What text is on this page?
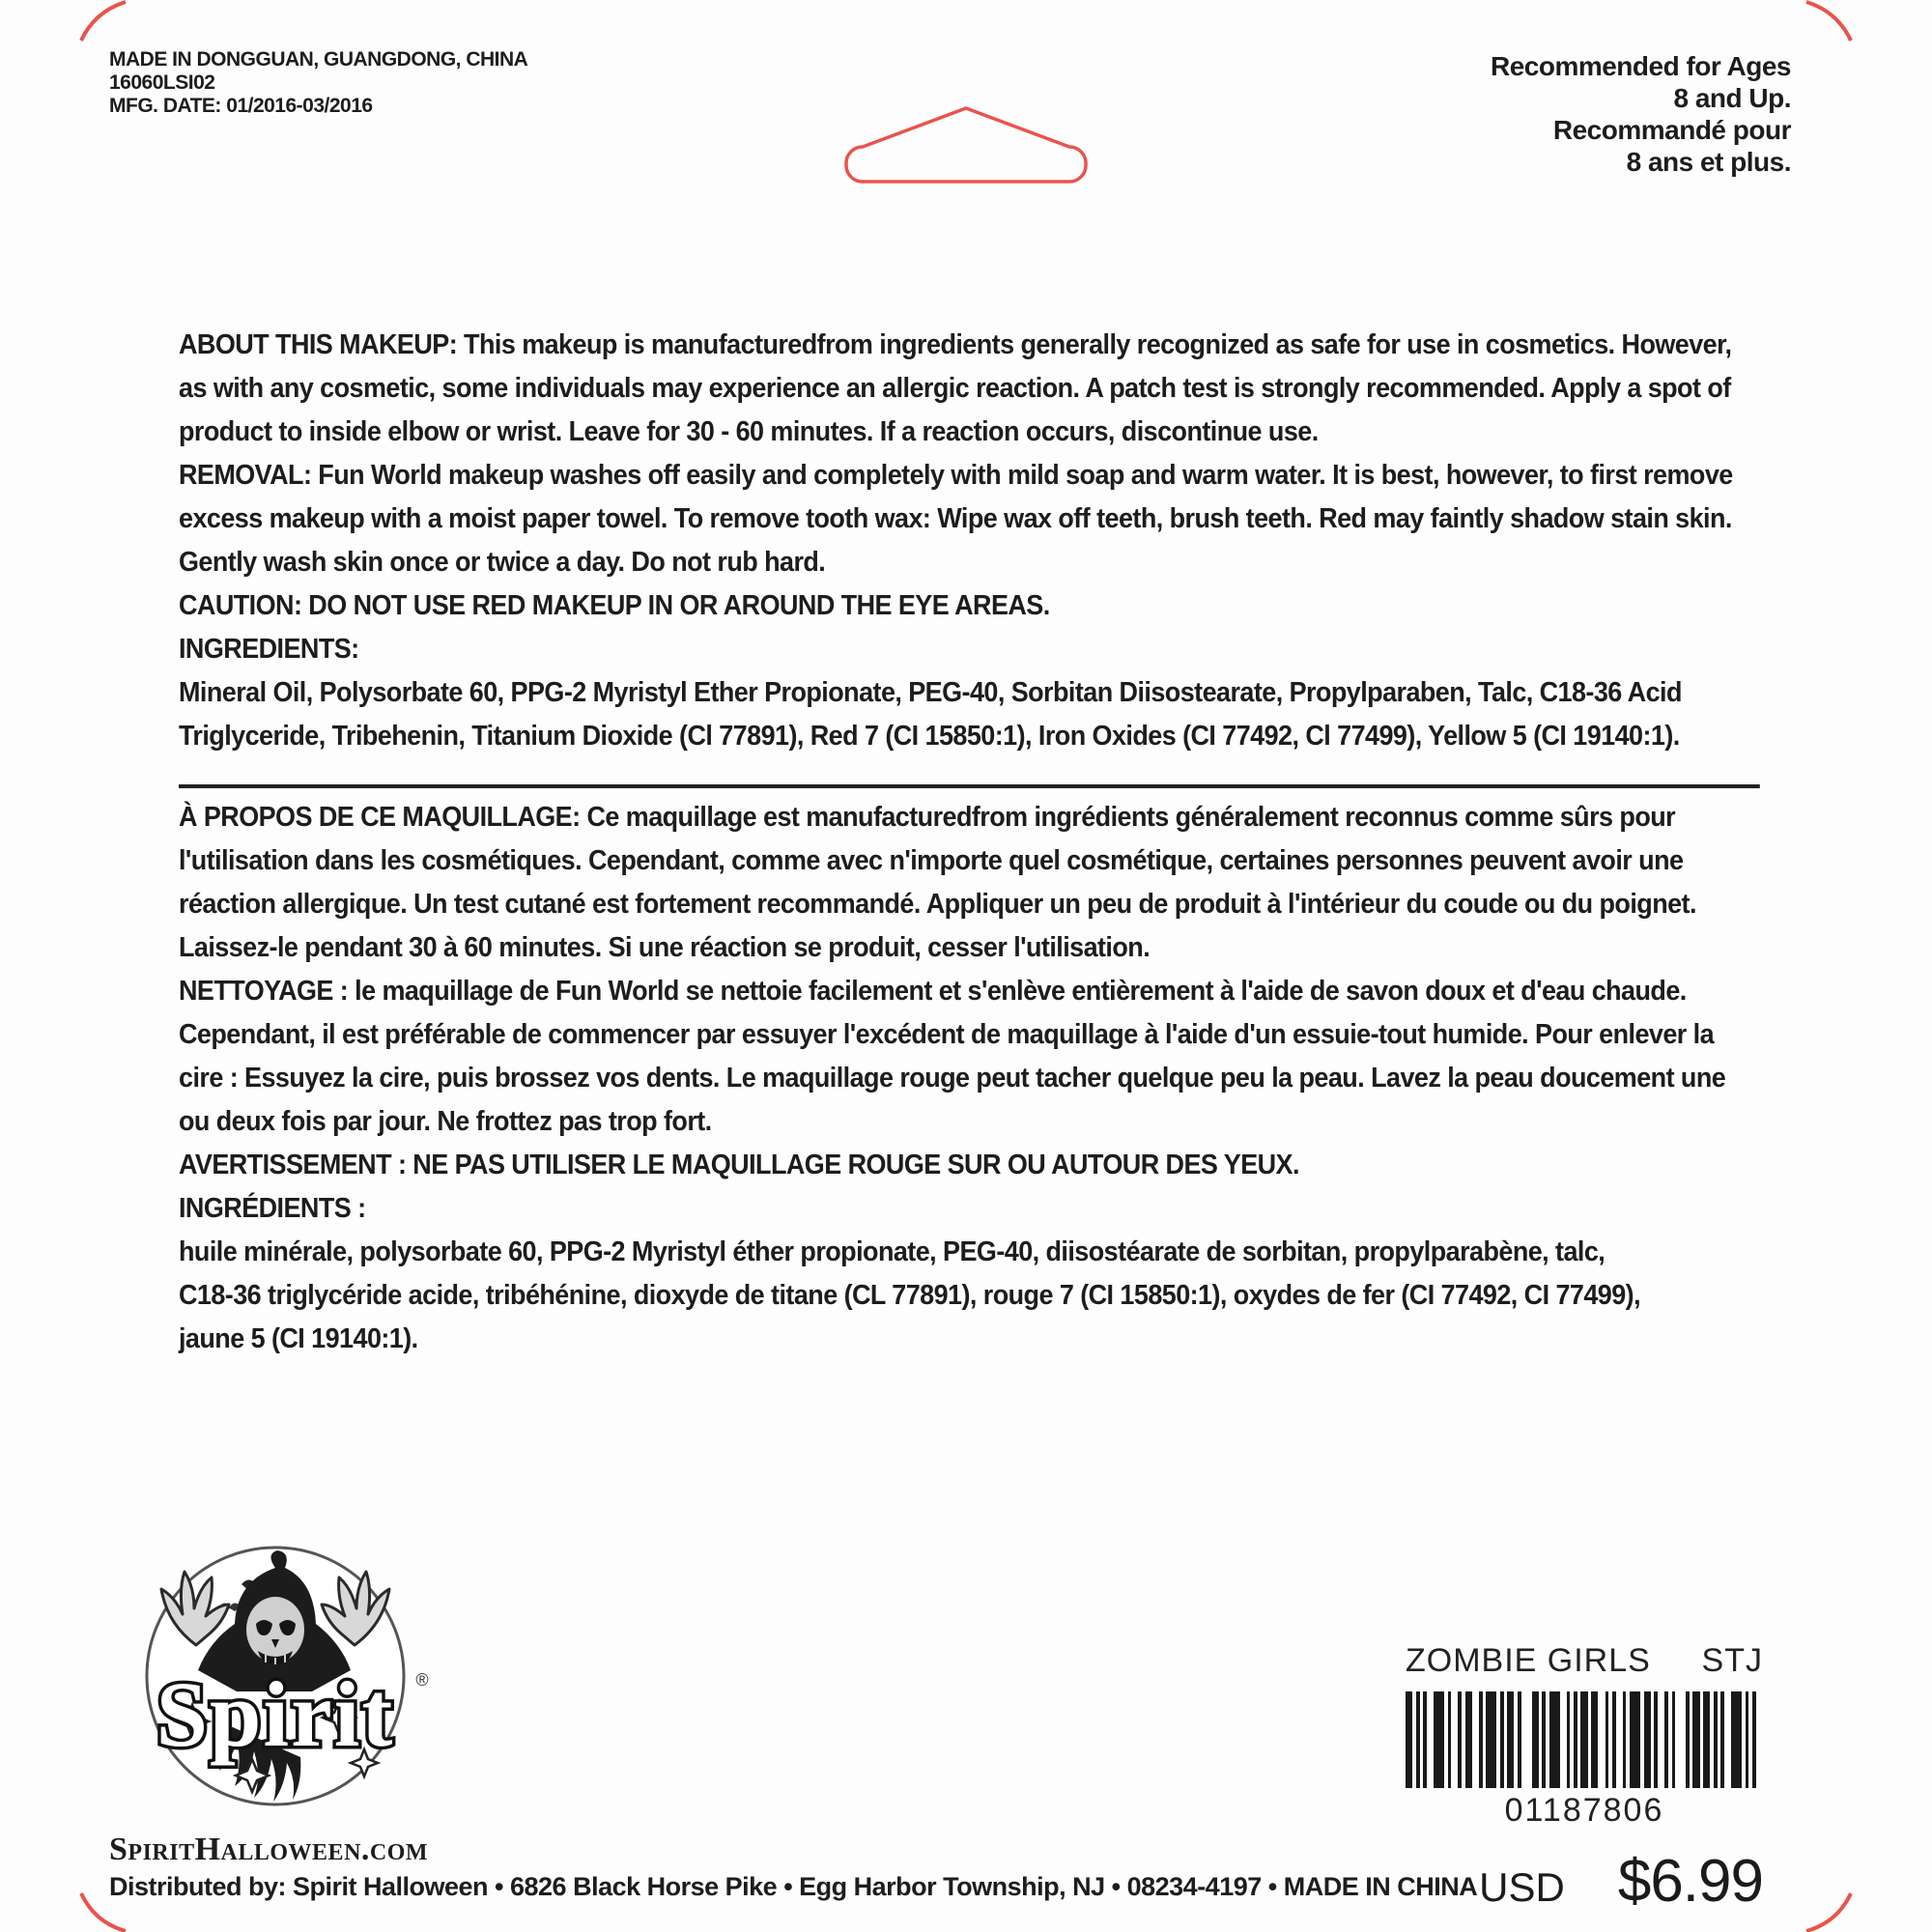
MADE IN DONGGUAN, GUANGDONG, CHINA
16060LSI02
MFG. DATE: 01/2016-03/2016
Recommended for Ages
8 and Up.
Recommandé pour
8 ans et plus.

ABOUT THIS MAKEUP: This makeup is manufacturedfrom ingredients generally recognized as safe for use in cosmetics. However, as with any cosmetic, some individuals may experience an allergic reaction. A patch test is strongly recommended. Apply a spot of product to inside elbow or wrist. Leave for 30 - 60 minutes. If a reaction occurs, discontinue use.

REMOVAL: Fun World makeup washes off easily and completely with mild soap and warm water. It is best, however, to first remove excess makeup with a moist paper towel. To remove tooth wax: Wipe wax off teeth, brush teeth. Red may faintly shadow stain skin. Gently wash skin once or twice a day. Do not rub hard.

CAUTION: DO NOT USE RED MAKEUP IN OR AROUND THE EYE AREAS.

INGREDIENTS:

Mineral Oil, Polysorbate 60, PPG-2 Myristyl Ether Propionate, PEG-40, Sorbitan Diisostearate, Propylparaben, Talc, C18-36 Acid Triglyceride, Tribehenin, Titanium Dioxide (Cl 77891), Red 7 (CI 15850:1), Iron Oxides (CI 77492, Cl 77499), Yellow 5 (CI 19140:1).

À PROPOS DE CE MAQUILLAGE: Ce maquillage est manufacturedfrom ingrédients généralement reconnus comme sûrs pour l'utilisation dans les cosmétiques. Cependant, comme avec n'importe quel cosmétique, certaines personnes peuvent avoir une réaction allergique. Un test cutané est fortement recommandé. Appliquer un peu de produit à l'intérieur du coude ou du poignet. Laissez-le pendant 30 à 60 minutes. Si une réaction se produit, cesser l'utilisation.

NETTOYAGE : le maquillage de Fun World se nettoie facilement et s'enlève entièrement à l'aide de savon doux et d'eau chaude. Cependant, il est préférable de commencer par essuyer l'excédent de maquillage à l'aide d'un essuie-tout humide. Pour enlever la cire : Essuyez la cire, puis brossez vos dents. Le maquillage rouge peut tacher quelque peu la peau. Lavez la peau doucement une ou deux fois par jour. Ne frottez pas trop fort.

AVERTISSEMENT : NE PAS UTILISER LE MAQUILLAGE ROUGE SUR OU AUTOUR DES YEUX.

INGRÉDIENTS :

huile minérale, polysorbate 60, PPG-2 Myristyl éther propionate, PEG-40, diisostéarate de sorbitan, propylparabène, talc,

C18-36 triglycéride acide, tribéhénine, dioxyde de titane (CL 77891), rouge 7 (CI 15850:1), oxydes de fer (CI 77492, CI 77499),

jaune 5 (CI 19140:1).

Spirit ®
SpiritHalloween.com
Distributed by: Spirit Halloween • 6826 Black Horse Pike • Egg Harbor Township, NJ • 08234-4197 • MADE IN CHINA
ZOMBIE GIRLS STJ
01187806
USD $6.99
